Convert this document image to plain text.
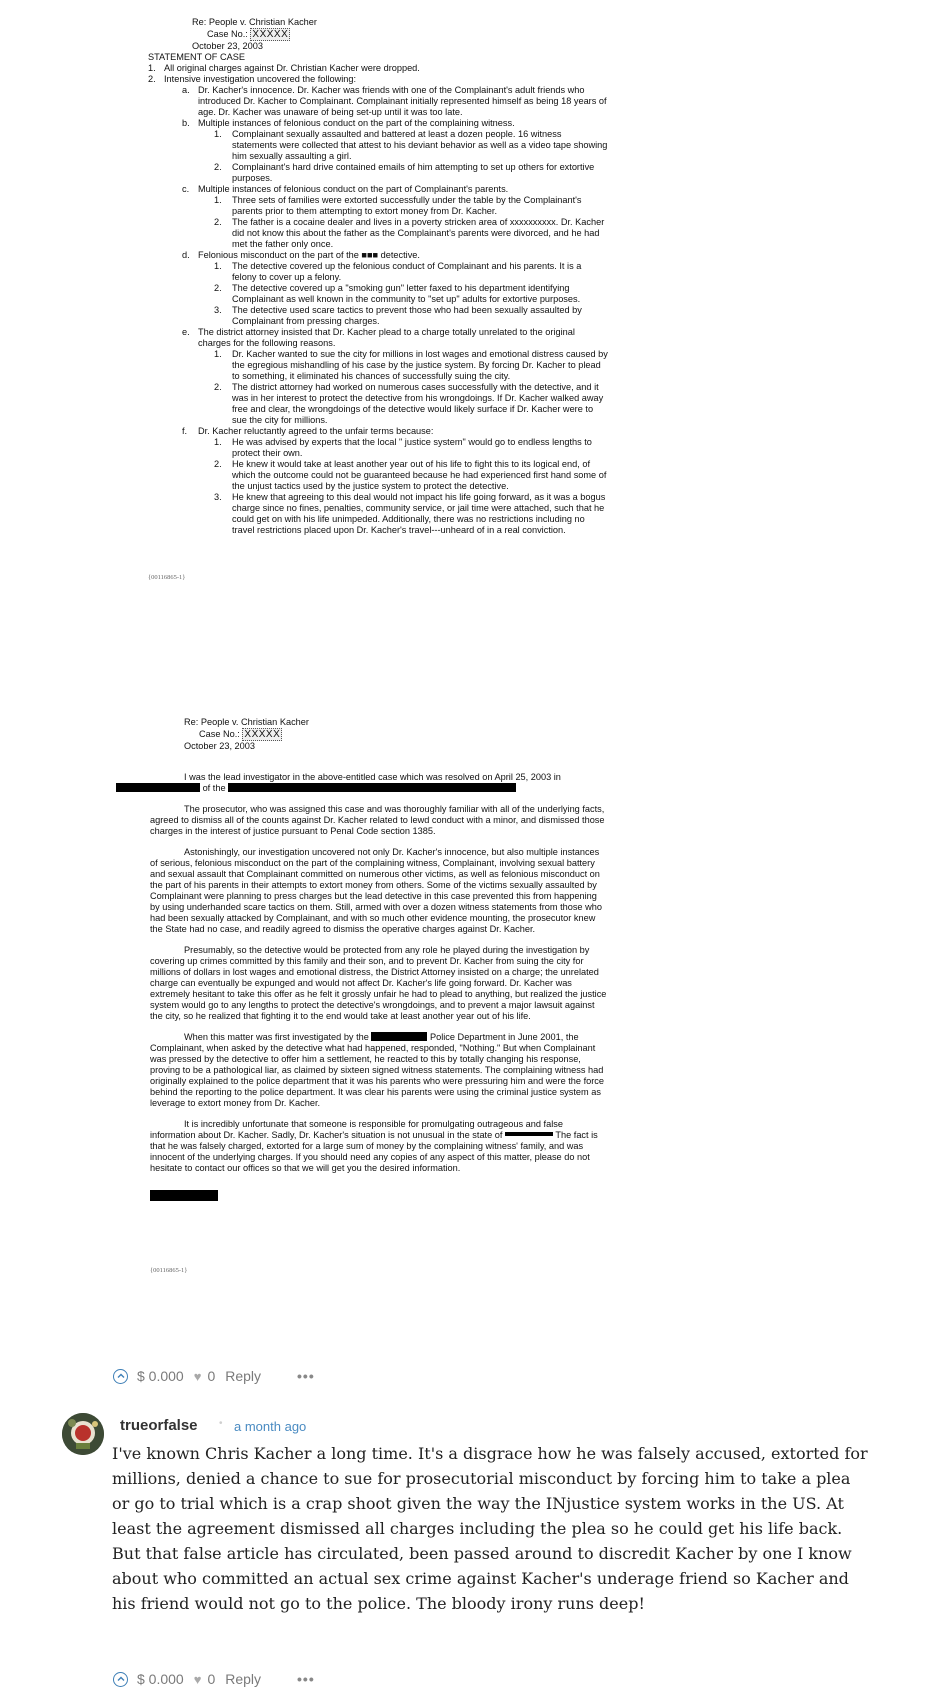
Re: People v. Christian Kacher

Case No.: XXXXX

October 23, 2003

STATEMENT OF CASE

1. All original charges against Dr. Christian Kacher were dropped.
2. Intensive investigation uncovered the following:
a. Dr. Kacher's innocence. Dr. Kacher was friends with one of the Complainant's adult friends who introduced Dr. Kacher to Complainant. Complainant initially represented himself as being 18 years of age. Dr. Kacher was unaware of being set-up until it was too late.
b. Multiple instances of felonious conduct on the part of the complaining witness.
1. Complainant sexually assaulted and battered at least a dozen people. 16 witness statements were collected that attest to his deviant behavior as well as a video tape showing him sexually assaulting a girl.
2. Complainant's hard drive contained emails of him attempting to set up others for extortive purposes.
c. Multiple instances of felonious conduct on the part of Complainant's parents.
1. Three sets of families were extorted successfully under the table by the Complainant's parents prior to them attempting to extort money from Dr. Kacher.
2. The father is a cocaine dealer and lives in a poverty stricken area of xxxxxxxxxx. Dr. Kacher did not know this about the father as the Complainant's parents were divorced, and he had met the father only once.
d. Felonious misconduct on the part of the ■■■ detective.
1. The detective covered up the felonious conduct of Complainant and his parents. It is a felony to cover up a felony.
2. The detective covered up a "smoking gun" letter faxed to his department identifying Complainant as well known in the community to "set up" adults for extortive purposes.
3. The detective used scare tactics to prevent those who had been sexually assaulted by Complainant from pressing charges.
e. The district attorney insisted that Dr. Kacher plead to a charge totally unrelated to the original charges for the following reasons.
1. Dr. Kacher wanted to sue the city for millions in lost wages and emotional distress caused by the egregious mishandling of his case by the justice system. By forcing Dr. Kacher to plead to something, it eliminated his chances of successfully suing the city.
2. The district attorney had worked on numerous cases successfully with the detective, and it was in her interest to protect the detective from his wrongdoings. If Dr. Kacher walked away free and clear, the wrongdoings of the detective would likely surface if Dr. Kacher were to sue the city for millions.
f. Dr. Kacher reluctantly agreed to the unfair terms because:
1. He was advised by experts that the local " justice system" would go to endless lengths to protect their own.
2. He knew it would take at least another year out of his life to fight this to its logical end, of which the outcome could not be guaranteed because he had experienced first hand some of the unjust tactics used by the justice system to protect the detective.
3. He knew that agreeing to this deal would not impact his life going forward, as it was a bogus charge since no fines, penalties, community service, or jail time were attached, such that he could get on with his life unimpeded. Additionally, there was no restrictions including no travel restrictions placed upon Dr. Kacher's travel---unheard of in a real conviction.

{00116865-1}

Re: People v. Christian Kacher

Case No.: XXXXX

October 23, 2003

I was the lead investigator in the above-entitled case which was resolved on April 25, 2003 in
of the

The prosecutor, who was assigned this case and was thoroughly familiar with all of the underlying facts, agreed to dismiss all of the counts against Dr. Kacher related to lewd conduct with a minor, and dismissed those charges in the interest of justice pursuant to Penal Code section 1385.

Astonishingly, our investigation uncovered not only Dr. Kacher's innocence, but also multiple instances of serious, felonious misconduct on the part of the complaining witness, Complainant, involving sexual battery and sexual assault that Complainant committed on numerous other victims, as well as felonious misconduct on the part of his parents in their attempts to extort money from others. Some of the victims sexually assaulted by Complainant were planning to press charges but the lead detective in this case prevented this from happening by using underhanded scare tactics on them. Still, armed with over a dozen witness statements from those who had been sexually attacked by Complainant, and with so much other evidence mounting, the prosecutor knew the State had no case, and readily agreed to dismiss the operative charges against Dr. Kacher.

Presumably, so the detective would be protected from any role he played during the investigation by covering up crimes committed by this family and their son, and to prevent Dr. Kacher from suing the city for millions of dollars in lost wages and emotional distress, the District Attorney insisted on a charge; the unrelated charge can eventually be expunged and would not affect Dr. Kacher's life going forward. Dr. Kacher was extremely hesitant to take this offer as he felt it grossly unfair he had to plead to anything, but realized the justice system would go to any lengths to protect the detective's wrongdoings, and to prevent a major lawsuit against the city, so he realized that fighting it to the end would take at least another year out of his life.

When this matter was first investigated by the	Police Department in June 2001, the Complainant, when asked by the detective what had happened, responded, "Nothing." But when Complainant was pressed by the detective to offer him a settlement, he reacted to this by totally changing his response, proving to be a pathological liar, as claimed by sixteen signed witness statements. The complaining witness had originally explained to the police department that it was his parents who were pressuring him and were the force behind the reporting to the police department. It was clear his parents were using the criminal justice system as leverage to extort money from Dr. Kacher.

It is incredibly unfortunate that someone is responsible for promulgating outrageous and false information about Dr. Kacher. Sadly, Dr. Kacher's situation is not unusual in the state of	The fact is that he was falsely charged, extorted for a large sum of money by the complaining witness' family, and was innocent of the underlying charges. If you should need any copies of any aspect of this matter, please do not hesitate to contact our offices so that we will get you the desired information.

{00116865-1}

$ 0.000 ♥ 0 Reply	•••
trueorfalse • a month ago
I've known Chris Kacher a long time. It's a disgrace how he was falsely accused, extorted for millions, denied a chance to sue for prosecutorial misconduct by forcing him to take a plea or go to trial which is a crap shoot given the way the INjustice system works in the US. At least the agreement dismissed all charges including the plea so he could get his life back. But that false article has circulated, been passed around to discredit Kacher by one I know about who committed an actual sex crime against Kacher's underage friend so Kacher and his friend would not go to the police. The bloody irony runs deep!
$ 0.000 ♥ 0 Reply	•••
